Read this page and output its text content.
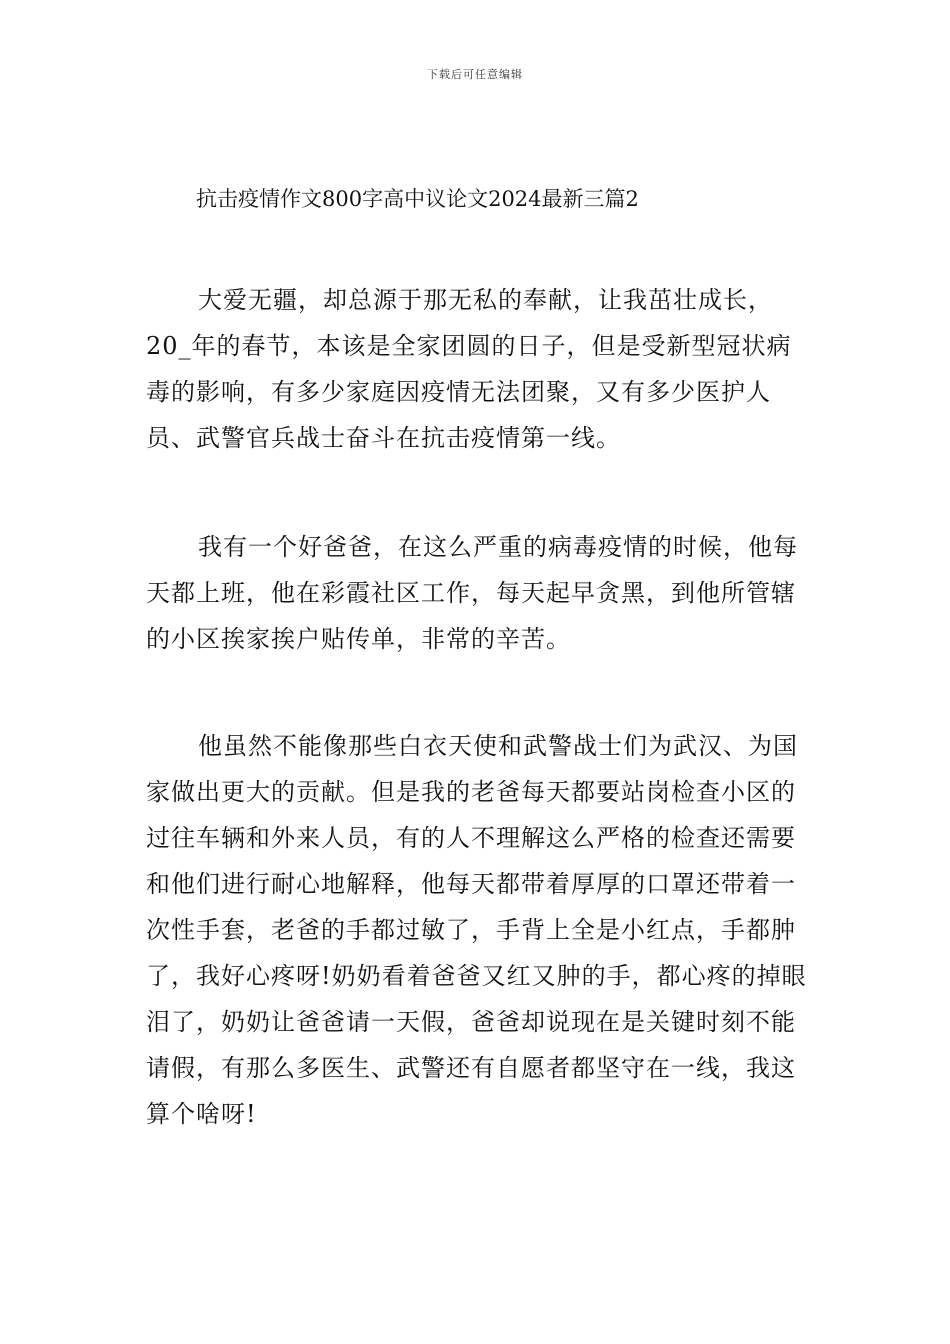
下载后可任意编辑
抗击疫情作文800字高中议论文2024最新三篇2

大爱无疆，却总源于那无私的奉献，让我茁壮成长，20_年的春节，本该是全家团圆的日子，但是受新型冠状病毒的影响，有多少家庭因疫情无法团聚，又有多少医护人员、武警官兵战士奋斗在抗击疫情第一线。

我有一个好爸爸，在这么严重的病毒疫情的时候，他每天都上班，他在彩霞社区工作，每天起早贪黑，到他所管辖的小区挨家挨户贴传单，非常的辛苦。

他虽然不能像那些白衣天使和武警战士们为武汉、为国家做出更大的贡献。但是我的老爸每天都要站岗检查小区的过往车辆和外来人员，有的人不理解这么严格的检查还需要和他们进行耐心地解释，他每天都带着厚厚的口罩还带着一次性手套，老爸的手都过敏了，手背上全是小红点，手都肿了，我好心疼呀!奶奶看着爸爸又红又肿的手，都心疼的掉眼泪了，奶奶让爸爸请一天假，爸爸却说现在是关键时刻不能请假，有那么多医生、武警还有自愿者都坚守在一线，我这算个啥呀!
